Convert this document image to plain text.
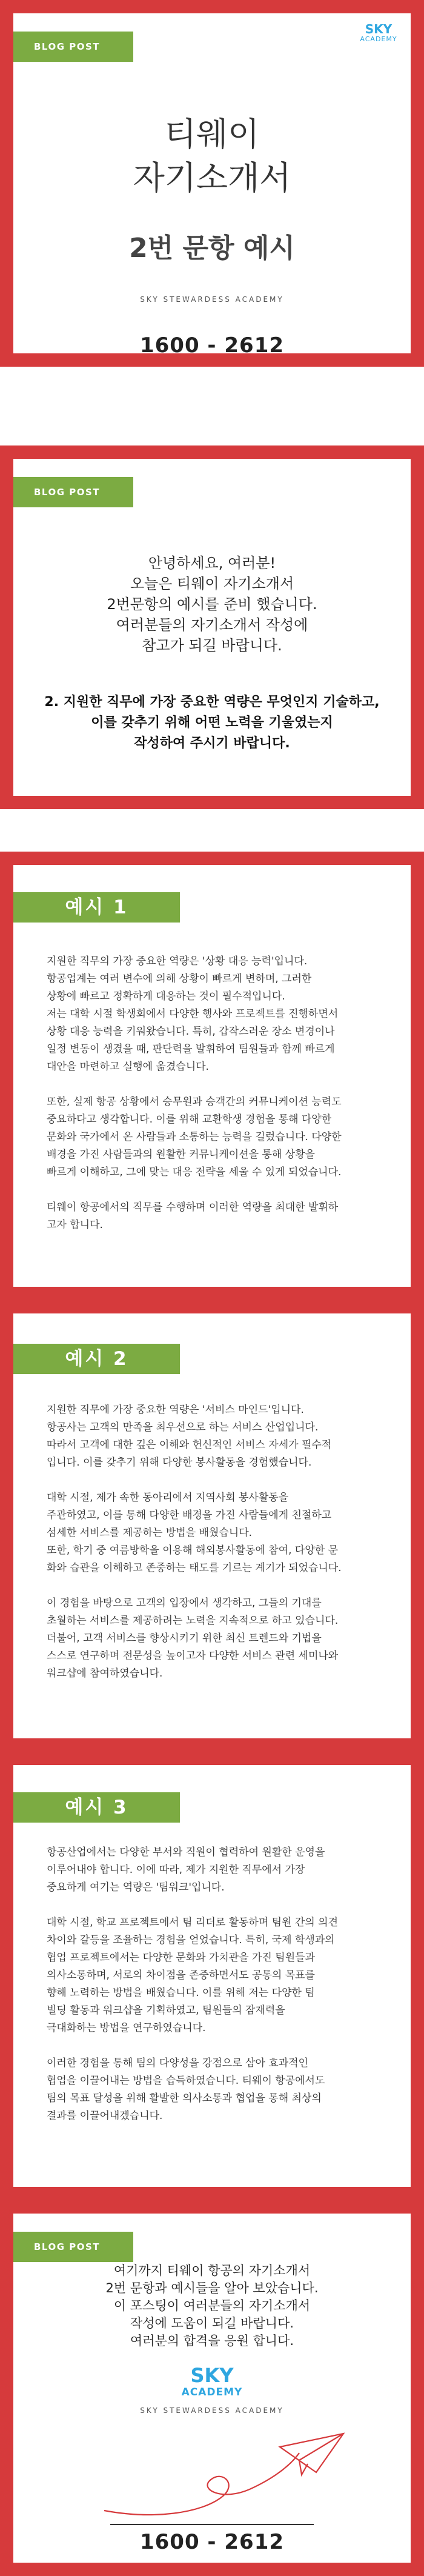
BLOG POST
SKY
ACADEMY
티웨이
자기소개서
2번 문항 예시
SKY STEWARDESS ACADEMY
1600 - 2612
BLOG POST
안녕하세요, 여러분!
오늘은 티웨이 자기소개서
2번문항의 예시를 준비 했습니다.
여러분들의 자기소개서 작성에
참고가 되길 바랍니다.
2. 지원한 직무에 가장 중요한 역량은 무엇인지 기술하고,
이를 갖추기 위해 어떤 노력을 기울였는지
작성하여 주시기 바랍니다.
예시 1

지원한 직무의 가장 중요한 역량은 '상황 대응 능력'입니다.
항공업계는 여러 변수에 의해 상황이 빠르게 변하며, 그러한
상황에 빠르고 정확하게 대응하는 것이 필수적입니다.
저는 대학 시절 학생회에서 다양한 행사와 프로젝트를 진행하면서
상황 대응 능력을 키워왔습니다. 특히, 갑작스러운 장소 변경이나
일정 변동이 생겼을 때, 판단력을 발휘하여 팀원들과 함께 빠르게
대안을 마련하고 실행에 옮겼습니다.

또한, 실제 항공 상황에서 승무원과 승객간의 커뮤니케이션 능력도
중요하다고 생각합니다. 이를 위해 교환학생 경험을 통해 다양한
문화와 국가에서 온 사람들과 소통하는 능력을 길렀습니다. 다양한
배경을 가진 사람들과의 원활한 커뮤니케이션을 통해 상황을
빠르게 이해하고, 그에 맞는 대응 전략을 세울 수 있게 되었습니다.

티웨이 항공에서의 직무를 수행하며 이러한 역량을 최대한 발휘하
고자 합니다.

예시 2

지원한 직무에 가장 중요한 역량은 '서비스 마인드'입니다.
항공사는 고객의 만족을 최우선으로 하는 서비스 산업입니다.
따라서 고객에 대한 깊은 이해와 헌신적인 서비스 자세가 필수적
입니다. 이를 갖추기 위해 다양한 봉사활동을 경험했습니다.

대학 시절, 제가 속한 동아리에서 지역사회 봉사활동을
주관하였고, 이를 통해 다양한 배경을 가진 사람들에게 친절하고
섬세한 서비스를 제공하는 방법을 배웠습니다.
또한, 학기 중 여름방학을 이용해 해외봉사활동에 참여, 다양한 문
화와 습관을 이해하고 존중하는 태도를 기르는 계기가 되었습니다.

이 경험을 바탕으로 고객의 입장에서 생각하고, 그들의 기대를
초월하는 서비스를 제공하려는 노력을 지속적으로 하고 있습니다.
더불어, 고객 서비스를 향상시키기 위한 최신 트렌드와 기법을
스스로 연구하며 전문성을 높이고자 다양한 서비스 관련 세미나와
워크샵에 참여하였습니다.

예시 3

항공산업에서는 다양한 부서와 직원이 협력하여 원활한 운영을
이루어내야 합니다. 이에 따라, 제가 지원한 직무에서 가장
중요하게 여기는 역량은 '팀워크'입니다.

대학 시절, 학교 프로젝트에서 팀 리더로 활동하며 팀원 간의 의견
차이와 갈등을 조율하는 경험을 얻었습니다. 특히, 국제 학생과의
협업 프로젝트에서는 다양한 문화와 가치관을 가진 팀원들과
의사소통하며, 서로의 차이점을 존중하면서도 공통의 목표를
향해 노력하는 방법을 배웠습니다. 이를 위해 저는 다양한 팀
빌딩 활동과 워크샵을 기획하였고, 팀원들의 잠재력을
극대화하는 방법을 연구하였습니다.

이러한 경험을 통해 팀의 다양성을 강점으로 삼아 효과적인
협업을 이끌어내는 방법을 습득하였습니다. 티웨이 항공에서도
팀의 목표 달성을 위해 활발한 의사소통과 협업을 통해 최상의
결과를 이끌어내겠습니다.

BLOG POST
여기까지 티웨이 항공의 자기소개서
2번 문항과 예시들을 알아 보았습니다.
이 포스팅이 여러분들의 자기소개서
작성에 도움이 되길 바랍니다.
여러분의 합격을 응원 합니다.
SKY
ACADEMY
SKY STEWARDESS ACADEMY
1600 - 2612
